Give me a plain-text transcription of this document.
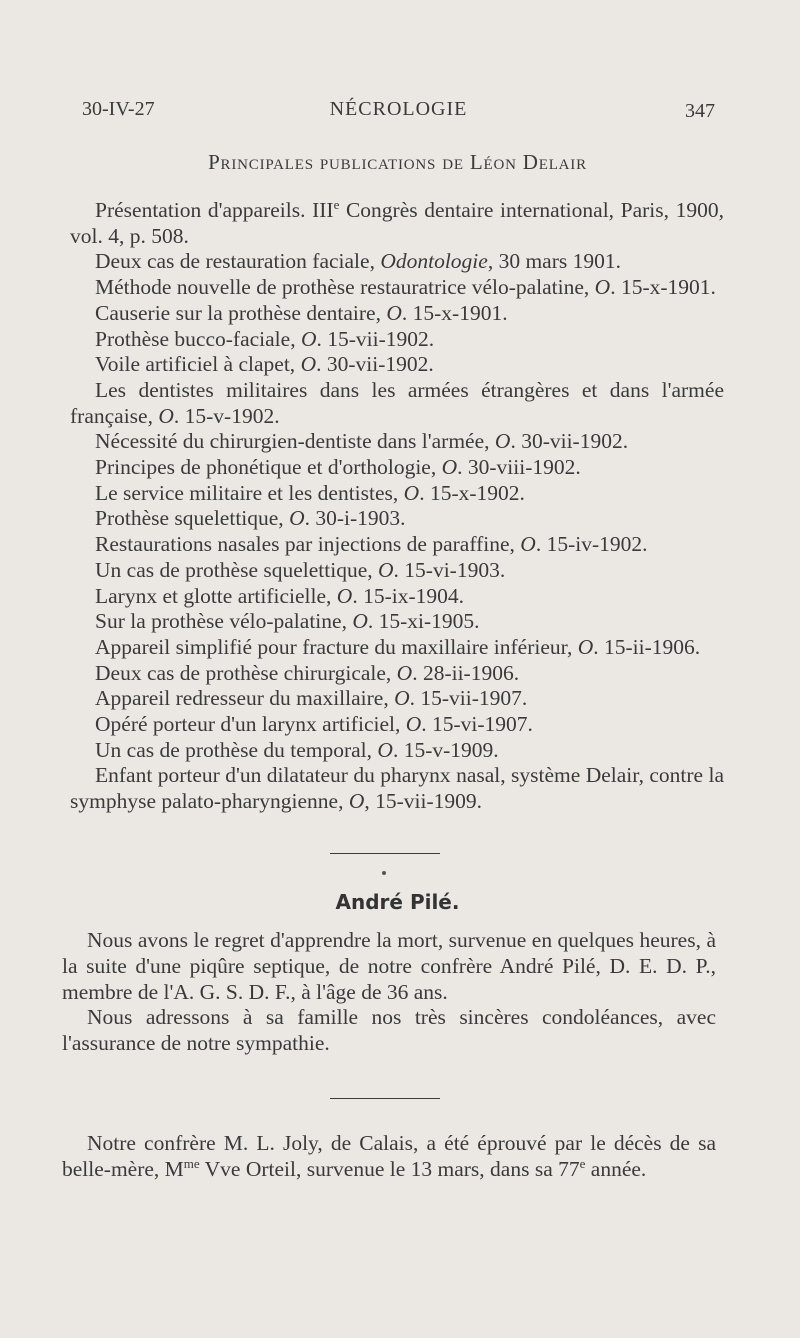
30-IV-27	NÉCROLOGIE	347
Principales publications de Léon Delair
Présentation d'appareils. IIIe Congrès dentaire international, Paris, 1900, vol. 4, p. 508.
Deux cas de restauration faciale, Odontologie, 30 mars 1901.
Méthode nouvelle de prothèse restauratrice vélo-palatine, O. 15-x-1901.
Causerie sur la prothèse dentaire, O. 15-x-1901.
Prothèse bucco-faciale, O. 15-vii-1902.
Voile artificiel à clapet, O. 30-vii-1902.
Les dentistes militaires dans les armées étrangères et dans l'armée française, O. 15-v-1902.
Nécessité du chirurgien-dentiste dans l'armée, O. 30-vii-1902.
Principes de phonétique et d'orthologie, O. 30-viii-1902.
Le service militaire et les dentistes, O. 15-x-1902.
Prothèse squelettique, O. 30-i-1903.
Restaurations nasales par injections de paraffine, O. 15-iv-1902.
Un cas de prothèse squelettique, O. 15-vi-1903.
Larynx et glotte artificielle, O. 15-ix-1904.
Sur la prothèse vélo-palatine, O. 15-xi-1905.
Appareil simplifié pour fracture du maxillaire inférieur, O. 15-ii-1906.
Deux cas de prothèse chirurgicale, O. 28-ii-1906.
Appareil redresseur du maxillaire, O. 15-vii-1907.
Opéré porteur d'un larynx artificiel, O. 15-vi-1907.
Un cas de prothèse du temporal, O. 15-v-1909.
Enfant porteur d'un dilatateur du pharynx nasal, système Delair, contre la symphyse palato-pharyngienne, O, 15-vii-1909.
André Pilé.
Nous avons le regret d'apprendre la mort, survenue en quelques heures, à la suite d'une piqûre septique, de notre confrère André Pilé, D. E. D. P., membre de l'A. G. S. D. F., à l'âge de 36 ans.
Nous adressons à sa famille nos très sincères condoléances, avec l'assurance de notre sympathie.
Notre confrère M. L. Joly, de Calais, a été éprouvé par le décès de sa belle-mère, $M^{me}$ Vve Orteil, survenue le 13 mars, dans sa 77e année.
